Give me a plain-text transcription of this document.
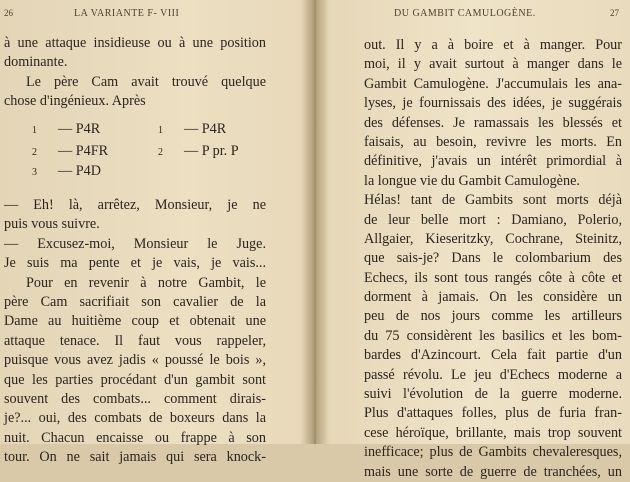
26	LA VARIANTE F- VIII
à une attaque insidieuse ou à une position
dominante.
Le père Cam avait trouvé quelque
chose d'ingénieux. Après
1 — P4R	1 — P4R
2 — P4FR	2 — P pr. P
3 — P4D
— Eh! là, arrêtez, Monsieur, je ne
puis vous suivre.
— Excusez-moi, Monsieur le Juge.
Je suis ma pente et je vais, je vais...
Pour en revenir à notre Gambit, le
père Cam sacrifiait son cavalier de la
Dame au huitième coup et obtenait une
attaque tenace. Il faut vous rappeler,
puisque vous avez jadis « poussé le bois »,
que les parties procédant d'un gambit sont
souvent des combats... comment dirais-
je?... oui, des combats de boxeurs dans la
nuit. Chacun encaisse ou frappe à son
tour. On ne sait jamais qui sera knock-
DU GAMBIT CAMULOGÈNE.	27
out. Il y a à boire et à manger. Pour
moi, il y avait surtout à manger dans le
Gambit Camulogène. J'accumulais les ana-
lyses, je fournissais des idées, je suggérais
des défenses. Je ramassais les blessés et
faisais, au besoin, revivre les morts. En
définitive, j'avais un intérêt primordial à
la longue vie du Gambit Camulogène.
Hélas! tant de Gambits sont morts déjà
de leur belle mort : Damiano, Polerio,
Allgaier, Kieseritzky, Cochrane, Steinitz,
que sais-je? Dans le colombarium des
Echecs, ils sont tous rangés côte à côte et
dorment à jamais. On les considère un
peu de nos jours comme les artilleurs
du 75 considèrent les basilics et les bom-
bardes d'Azincourt. Cela fait partie d'un
passé révolu. Le jeu d'Echecs moderne a
suivi l'évolution de la guerre moderne.
Plus d'attaques folles, plus de furia fran-
cese héroïque, brillante, mais trop souvent
inefficace; plus de Gambits chevaleresques,
mais une sorte de guerre de tranchées, un
